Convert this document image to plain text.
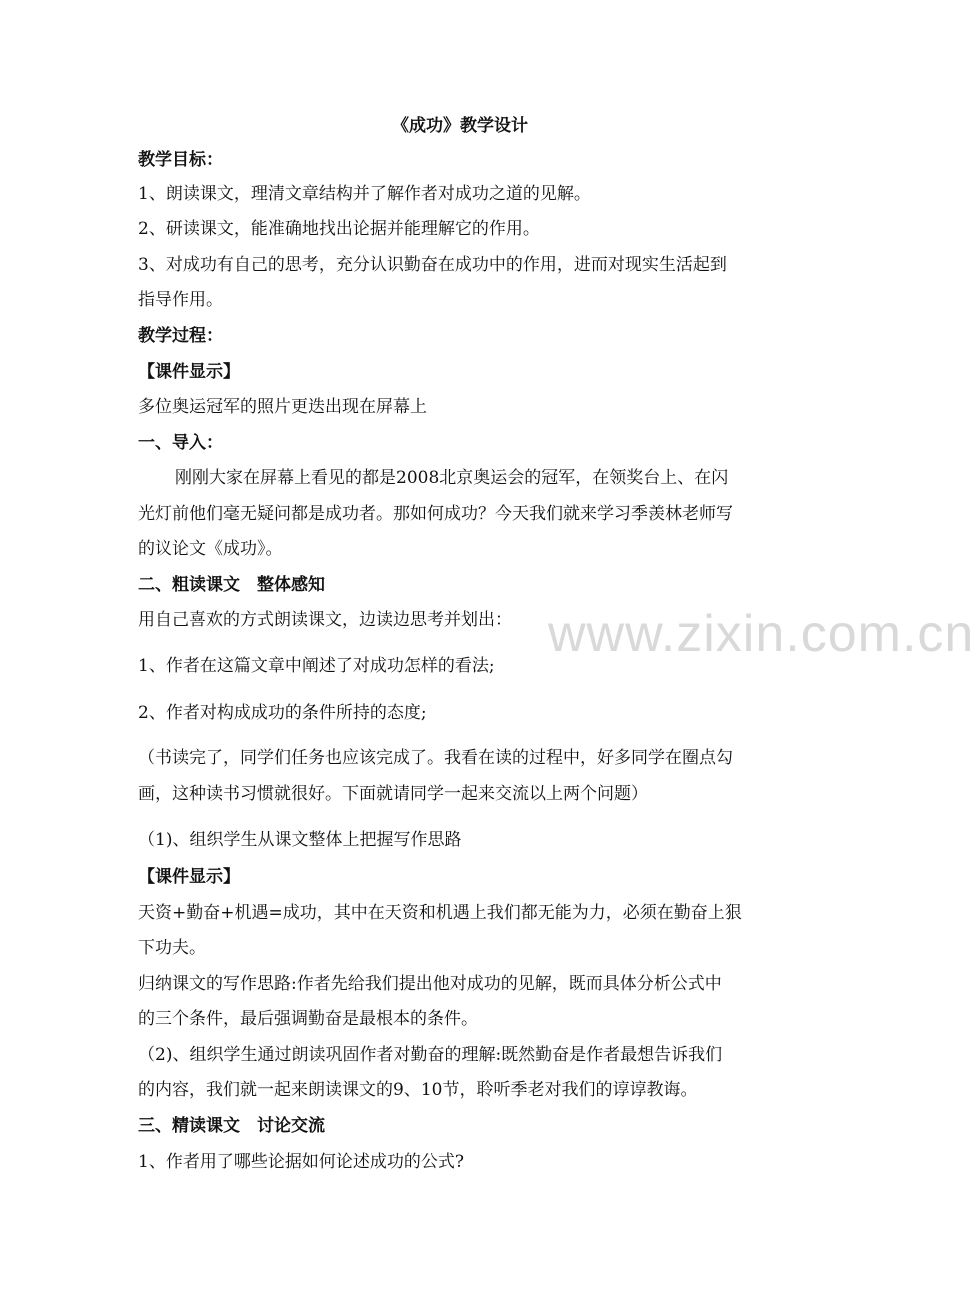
www.zixin.com.cn
《成功》教学设计
教学目标：
1、朗读课文，理清文章结构并了解作者对成功之道的见解。
2、研读课文，能准确地找出论据并能理解它的作用。
3、对成功有自己的思考，充分认识勤奋在成功中的作用，进而对现实生活起到
指导作用。
教学过程：
【课件显示】
多位奥运冠军的照片更迭出现在屏幕上
一、导入：
刚刚大家在屏幕上看见的都是2008北京奥运会的冠军，在领奖台上、在闪
光灯前他们毫无疑问都是成功者。那如何成功？今天我们就来学习季羡林老师写
的议论文《成功》。
二、粗读课文　整体感知
用自己喜欢的方式朗读课文，边读边思考并划出：
1、作者在这篇文章中阐述了对成功怎样的看法;
2、作者对构成成功的条件所持的态度;
（书读完了，同学们任务也应该完成了。我看在读的过程中，好多同学在圈点勾
画，这种读书习惯就很好。下面就请同学一起来交流以上两个问题）
（1)、组织学生从课文整体上把握写作思路
【课件显示】
天资+勤奋+机遇=成功，其中在天资和机遇上我们都无能为力，必须在勤奋上狠
下功夫。
归纳课文的写作思路:作者先给我们提出他对成功的见解，既而具体分析公式中
的三个条件，最后强调勤奋是最根本的条件。
（2)、组织学生通过朗读巩固作者对勤奋的理解:既然勤奋是作者最想告诉我们
的内容，我们就一起来朗读课文的9、10节，聆听季老对我们的谆谆教诲。
三、精读课文　讨论交流
1、作者用了哪些论据如何论述成功的公式?
